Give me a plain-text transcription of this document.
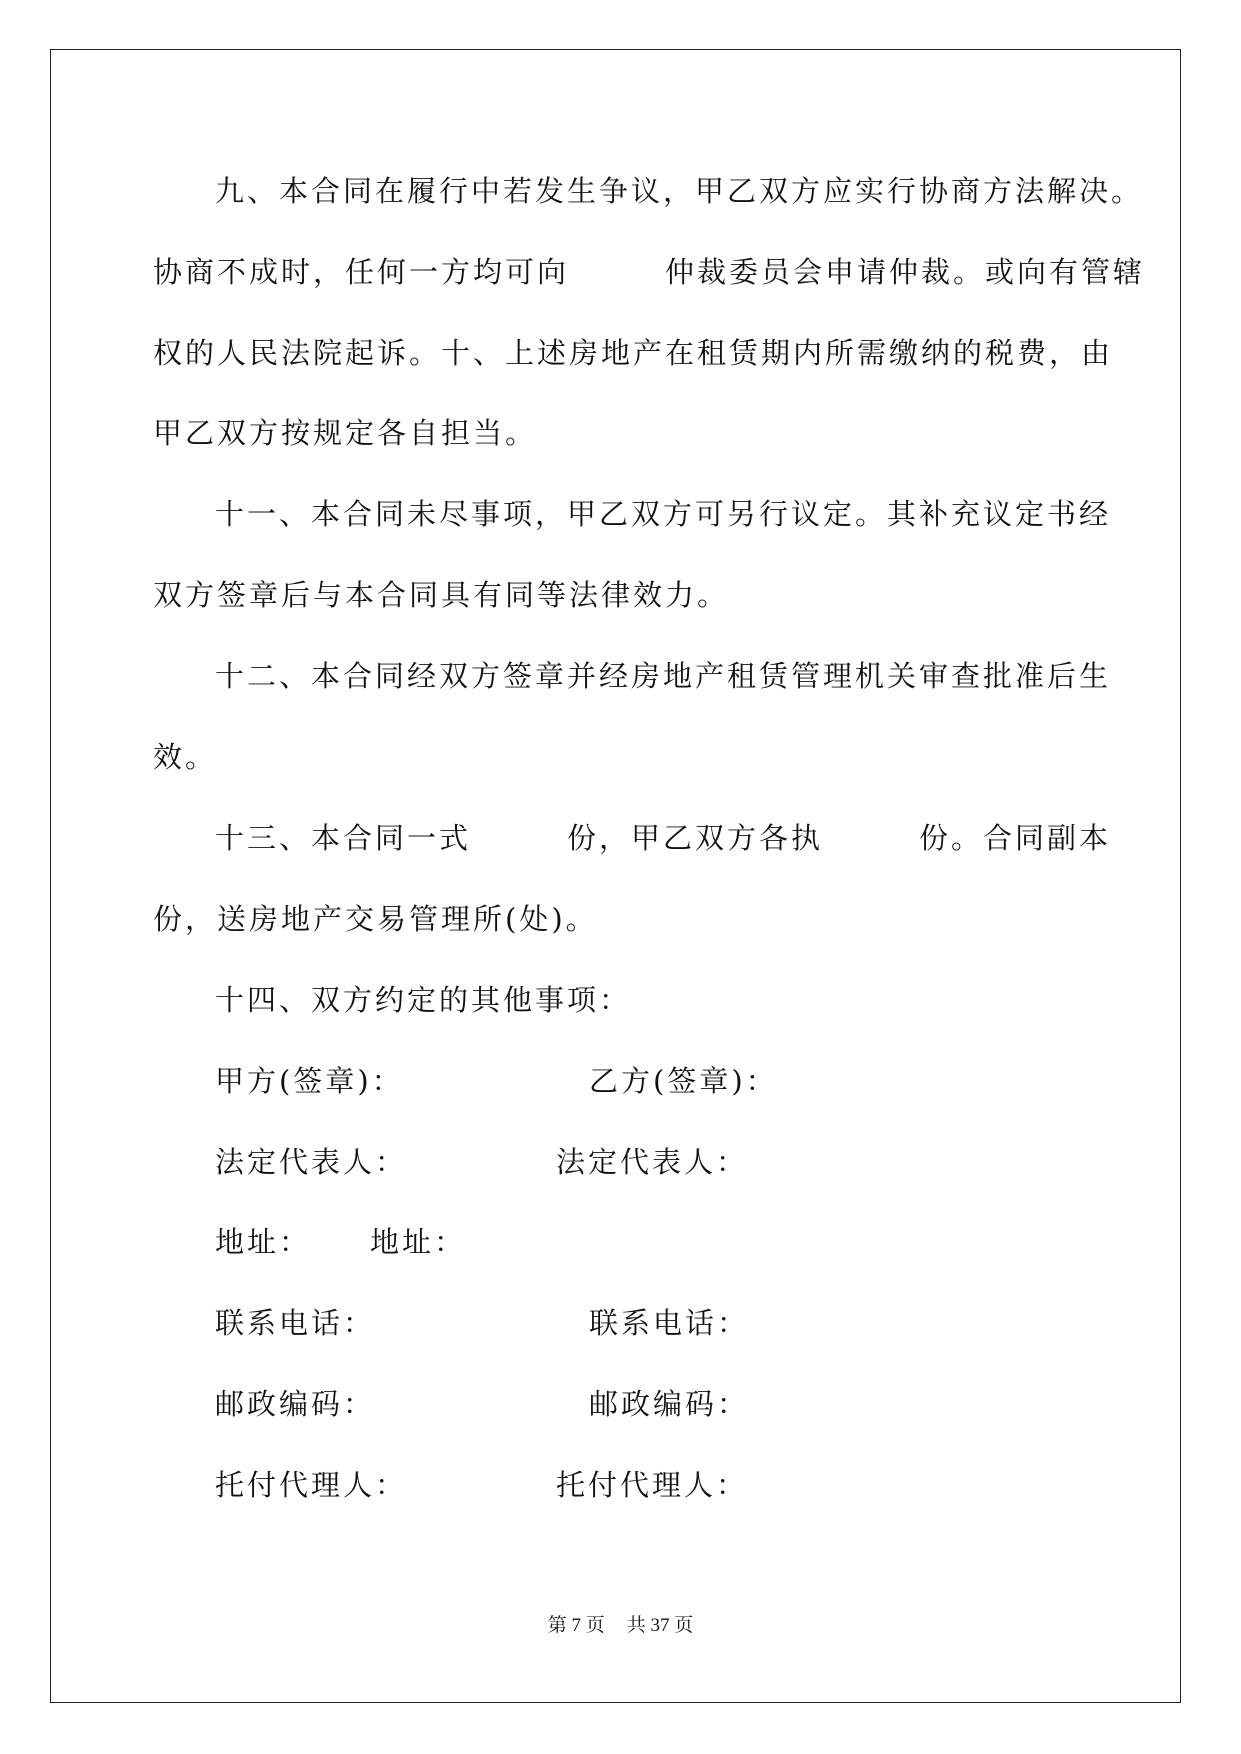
九、本合同在履行中若发生争议，甲乙双方应实行协商方法解决。
协商不成时，任何一方均可向　　　仲裁委员会申请仲裁。或向有管辖
权的人民法院起诉。十、上述房地产在租赁期内所需缴纳的税费，由
甲乙双方按规定各自担当。
十一、本合同未尽事项，甲乙双方可另行议定。其补充议定书经
双方签章后与本合同具有同等法律效力。
十二、本合同经双方签章并经房地产租赁管理机关审查批准后生
效。
十三、本合同一式　　　份，甲乙双方各执　　　份。合同副本
份，送房地产交易管理所(处)。
十四、双方约定的其他事项：
甲方(签章)：	乙方(签章)：
法定代表人：	法定代表人：
地址： 地址：
联系电话：	联系电话：
邮政编码：	邮政编码：
托付代理人：	托付代理人：
第 7 页 共 37 页
